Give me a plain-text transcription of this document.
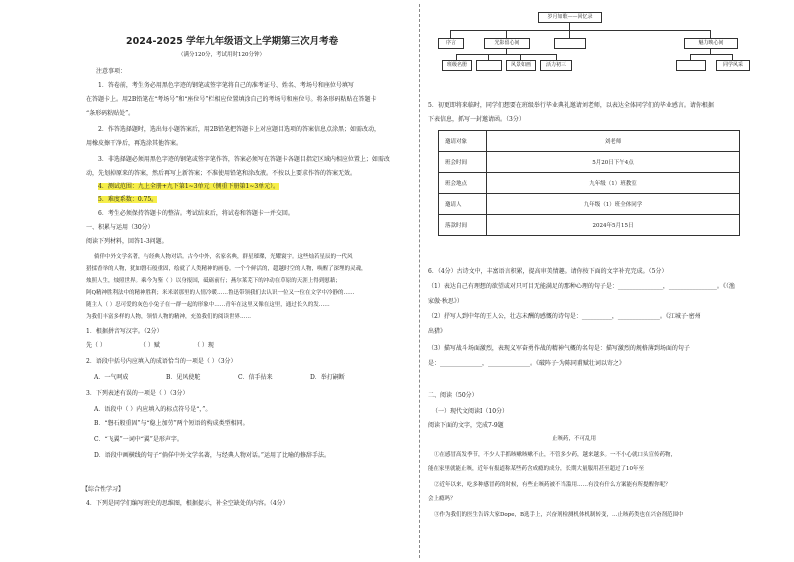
2024-2025 学年九年级语文上学期第三次月考卷
（满分120分，考试用时120分钟）
注意事项：
1．答卷前，考生务必用黑色字迹的钢笔或签字笔将自己的准考证号、姓名、考场号和座位号填写
在答题卡上。用2B铅笔在“考场号”和“座位号”栏相应位置填涂自己的考场号和座位号。将条形码粘贴在答题卡
“条形码粘贴处”。
2．作答选择题时，选出每小题答案后，用2B铅笔把答题卡上对应题目选项的答案信息点涂黑；如需改动，
用橡皮擦干净后，再选涂其他答案。
3．非选择题必须用黑色字迹的钢笔或签字笔作答，答案必须写在答题卡各题目指定区域内相应位置上；如需改
动，先划掉原来的答案，然后再写上新答案；不准使用铅笔和涂改液。不按以上要求作答的答案无效。
4．测试范围：九上全册+九下第1~3单元（侧重下册第1~3单元）。
5．难度系数：0.75。
6．考生必须保持答题卡的整洁。考试结束后，将试卷和答题卡一并交回。
一、积累与运用（30分）
阅读下列材料，回答1-3问题。
倘佯中外文学名著，与经典人物对话。古今中外，名家名典，群星璀璨，光耀寰宇。这些灿若星辰的一代风
猎揉香举的人物，犹如磐石般重固，绘就了人类精神的画卷。一个个鲜活的，超越时空的人物，唤醒了深埋的灵魂，
烛照人生，烛照世界。乘今为鉴（ ）以身报国，砥砺前行；燕尔莱芜下的冲动在草原的天涯上得到慰藉；
阿Q精神胜利法中的精神胜利；米米诺那里的人情冷暖……鲁迅带领我们去认识一位又一位在文学中冷静的……
随主人（ ）忍可爱的灰色小兔子在一群一起的形象中……青年在这里又像在这里，通过长久的发……
为我们丰富多样的人物，领悟人物的精神，充盈我们的阅读世界……
1．根据拼音写汉字。（2分）
先（ ）	（ ）赋	（ ）现
2．语段中括号内应填入的成语恰当的一项是（ ）（3分）
A．一气呵成	B．见风使舵	C．信手拈来	D．举打嗣断
3．下列表述有误的一项是（ ）（3分）
A．语段中（ ）内应填入的标点符号是“，”。
B．“磐石般重固”与“稳上加劳”两个短语的构成类型相同。
C．“飞翼”一词中“翼”是形声字。
D．语段中画横线的句子“倘佯中外文学名著，与经典人物对话。”运用了比喻的修辞手法。
【综合性学习】
4．下列是同学们编写班史的思维图，根据提示，补全空缺处的内容。（4分）
岁月如歌——回忆录
序言	光影留心间	魅力映心间
班级名册	风景如画	活力初三	同学风采
5．初更即将来临时，同学们想要在班级举行毕业典礼邀请刘老师，以表达全体同学们的毕业感言。请你根据
下表信息，抓写一封邀请函。（3分）
邀请对象	刘老师
班会时间	5月20日下午4点
班会地点	九年级（1）班教室
邀请人	九年级（1）班全体同学
落款时间	2024年5月15日
6．（4分）古诗文中，丰富语言积累，提高审美情趣。请你按下面的文字补充完成。（5分）
（1）表达自己有理想的欲望或对只可目无能满足的那种心理的句子是：_______________，________________。《（渔
家傲·秋思》）
（2）抒写人到中年的王人公，壮志未酬的感慨的诗句是：__________，______________。《江城子·密州
出猎》
（3）描写战斗场面激烈，表现义军奋勇作战的精神气概的名句是：描写激烈的规格薄到场面的句子
是：______________，______________。《破阵子·为陈同甫赋壮词以寄之》
二、阅读（50分）
（一）现代文阅读Ⅰ（10分）
阅读下面的文字，完成7-9题
止咳药，不可乱用
①在感冒高发季节，不少人手抓咳嗽咳嗽不止，不管多少药，越来越多。一不小心就口头宣传药物，
能在家里就能止咳，近年有报道称某些药含成瘾的成分，长期大量服用甚至超过了10年至
②近年以来，吃多种感冒药的时候，有些止咳药被不当滥用……有没有什么方案能有所提醒你呢？
会上瘾吗？
③作为我们的医生告诉大家Dope，B选手上，兴奋剂检测机体机制转变，…止咳药类也在兴奋剂范围中
